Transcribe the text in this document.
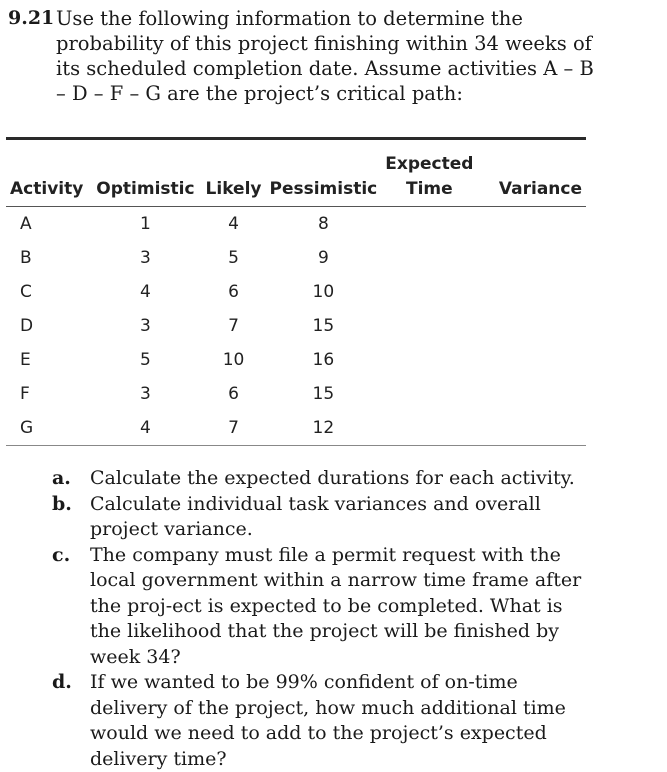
9.21 Use the following information to determine the probability of this project finishing within 34 weeks of its scheduled completion date. Assume activities A – B – D – F – G are the project’s critical path:

				Expected	
Activity	Optimistic	Likely	Pessimistic	Time	Variance
A	1	4	8		
B	3	5	9		
C	4	6	10		
D	3	7	15		
E	5	10	16		
F	3	6	15		
G	4	7	12		
a. Calculate the expected durations for each activity.
b. Calculate individual task variances and overall project variance.
c. The company must file a permit request with the local government within a narrow time frame after the proj-ect is expected to be completed. What is the likelihood that the project will be finished by week 34?
d. If we wanted to be 99% confident of on-time delivery of the project, how much additional time would we need to add to the project’s expected delivery time?
